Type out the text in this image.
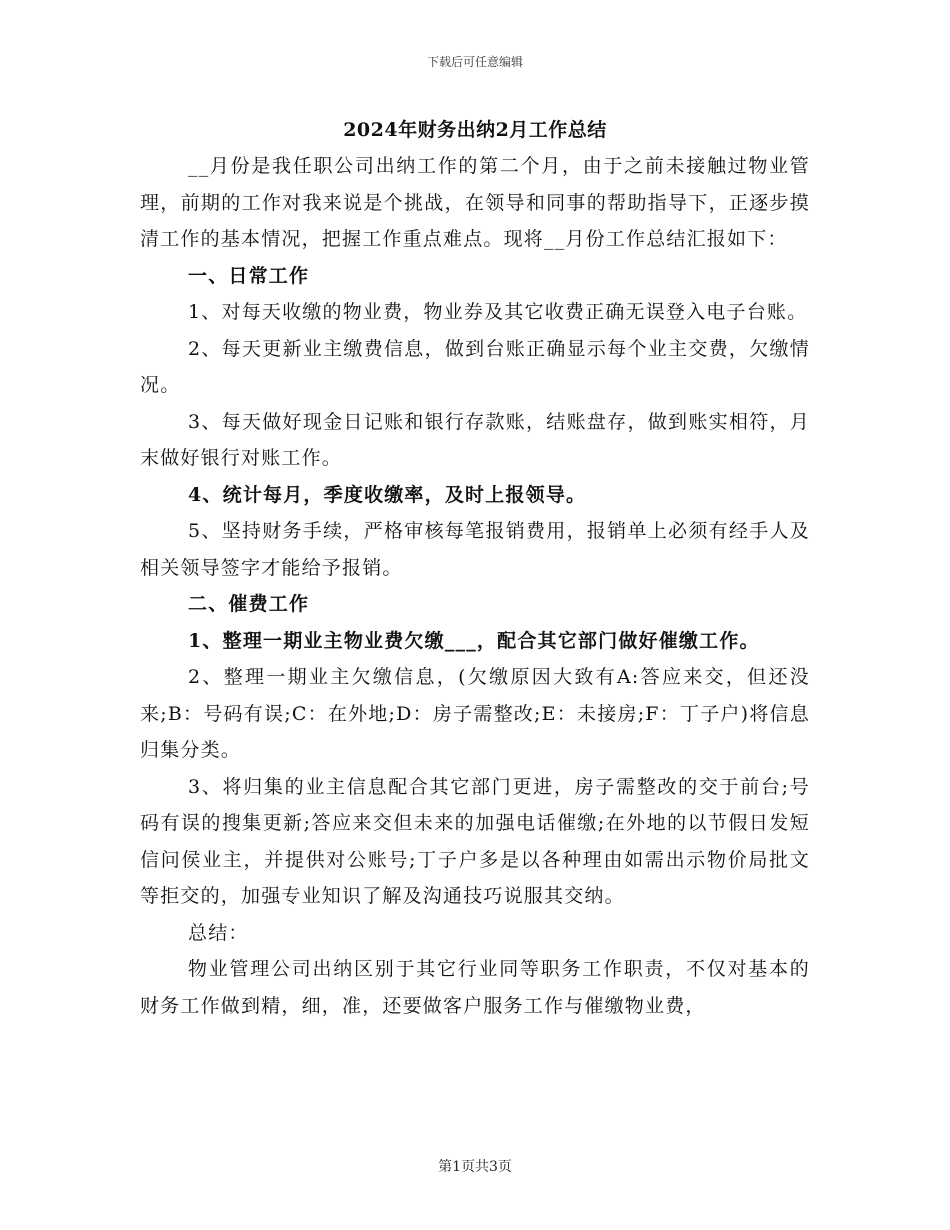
下载后可任意编辑
2024年财务出纳2月工作总结

__月份是我任职公司出纳工作的第二个月，由于之前未接触过物业管理，前期的工作对我来说是个挑战，在领导和同事的帮助指导下，正逐步摸清工作的基本情况，把握工作重点难点。现将__月份工作总结汇报如下：

一、日常工作

1、对每天收缴的物业费，物业券及其它收费正确无误登入电子台账。

2、每天更新业主缴费信息，做到台账正确显示每个业主交费，欠缴情况。

3、每天做好现金日记账和银行存款账，结账盘存，做到账实相符，月末做好银行对账工作。

4、统计每月，季度收缴率，及时上报领导。

5、坚持财务手续，严格审核每笔报销费用，报销单上必须有经手人及相关领导签字才能给予报销。

二、催费工作

1、整理一期业主物业费欠缴___，配合其它部门做好催缴工作。

2、整理一期业主欠缴信息，(欠缴原因大致有A:答应来交，但还没来;B：号码有误;C：在外地;D：房子需整改;E：未接房;F：丁子户)将信息归集分类。

3、将归集的业主信息配合其它部门更进，房子需整改的交于前台;号码有误的搜集更新;答应来交但未来的加强电话催缴;在外地的以节假日发短信问侯业主，并提供对公账号;丁子户多是以各种理由如需出示物价局批文等拒交的，加强专业知识了解及沟通技巧说服其交纳。

总结：

物业管理公司出纳区别于其它行业同等职务工作职责，不仅对基本的财务工作做到精，细，准，还要做客户服务工作与催缴物业费，

第1页共3页
